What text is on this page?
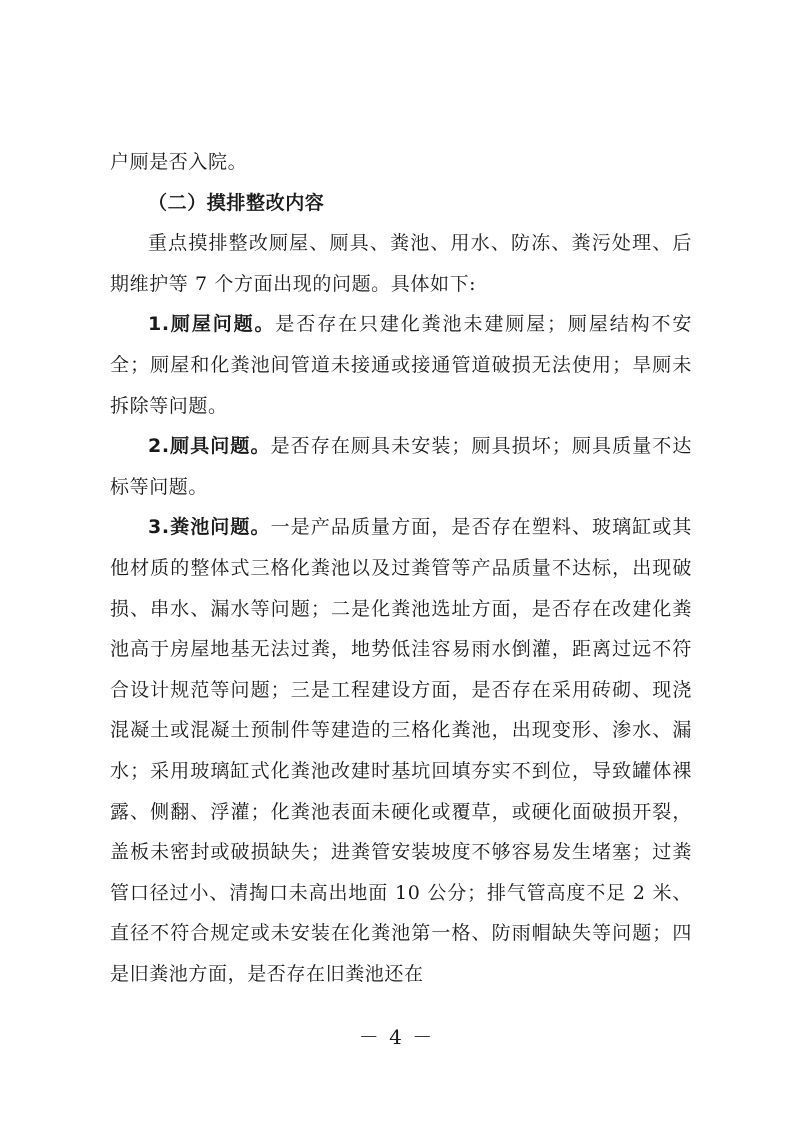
户厕是否入院。

（二）摸排整改内容

重点摸排整改厕屋、厕具、粪池、用水、防冻、粪污处理、后期维护等 7 个方面出现的问题。具体如下:

1.厕屋问题。是否存在只建化粪池未建厕屋；厕屋结构不安全；厕屋和化粪池间管道未接通或接通管道破损无法使用；旱厕未拆除等问题。

2.厕具问题。是否存在厕具未安装；厕具损坏；厕具质量不达标等问题。

3.粪池问题。一是产品质量方面，是否存在塑料、玻璃缸或其他材质的整体式三格化粪池以及过粪管等产品质量不达标，出现破损、串水、漏水等问题；二是化粪池选址方面，是否存在改建化粪池高于房屋地基无法过粪，地势低洼容易雨水倒灌，距离过远不符合设计规范等问题；三是工程建设方面，是否存在采用砖砌、现浇混凝土或混凝土预制件等建造的三格化粪池，出现变形、渗水、漏水；采用玻璃缸式化粪池改建时基坑回填夯实不到位，导致罐体裸露、侧翻、浮灌；化粪池表面未硬化或覆草，或硬化面破损开裂，盖板未密封或破损缺失；进粪管安装坡度不够容易发生堵塞；过粪管口径过小、清掏口未高出地面 10 公分；排气管高度不足 2 米、直径不符合规定或未安装在化粪池第一格、防雨帽缺失等问题；四是旧粪池方面，是否存在旧粪池还在

－ 4 －
